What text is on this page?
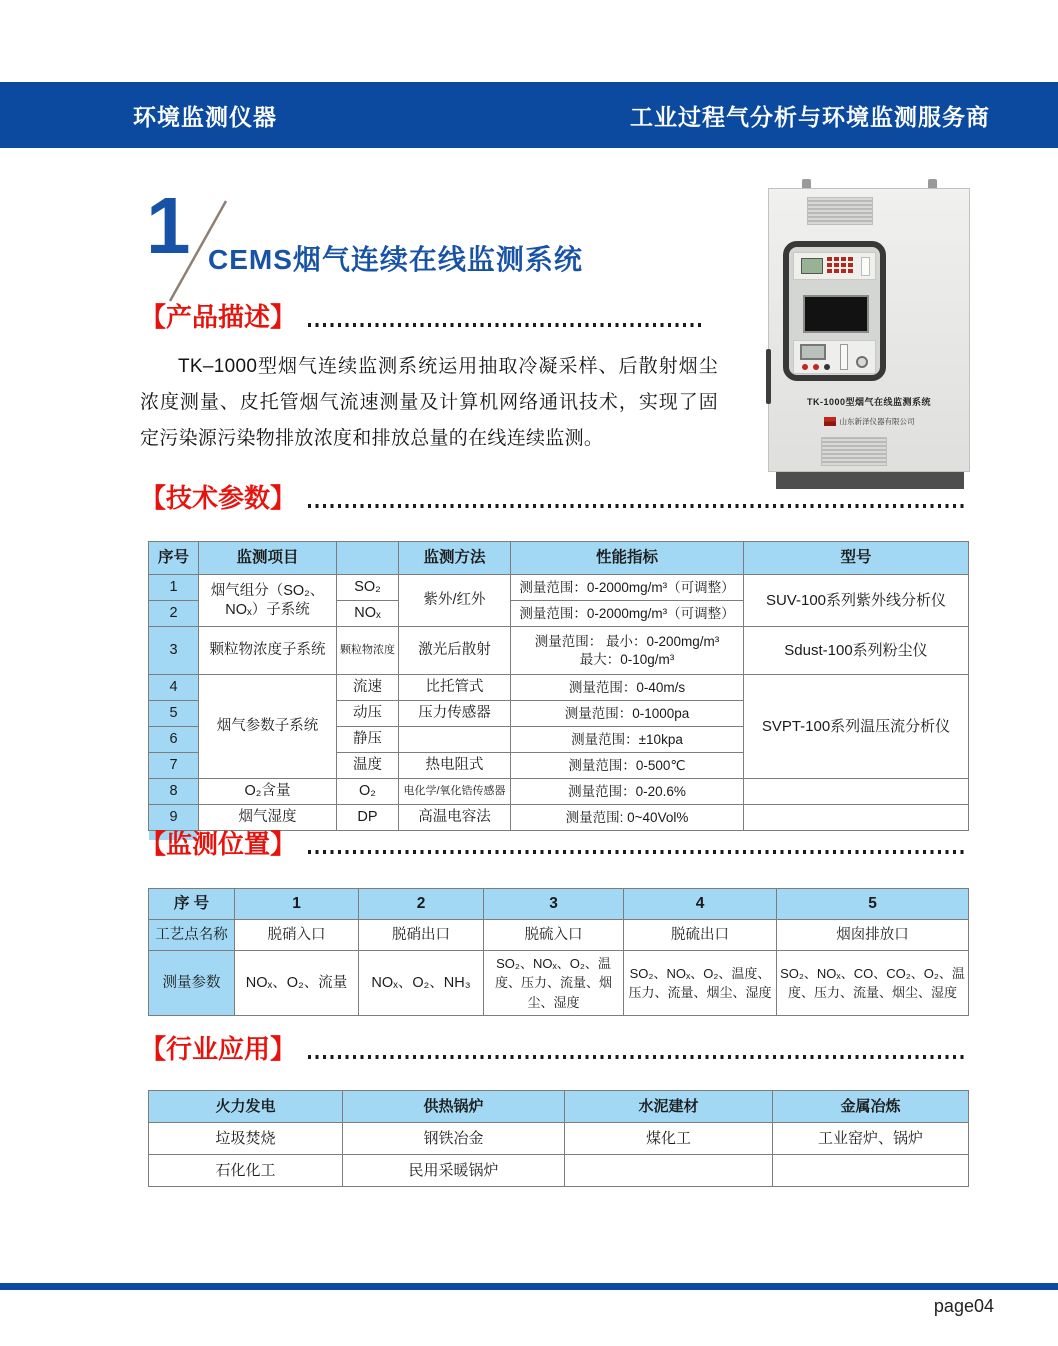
环境监测仪器	工业过程气分析与环境监测服务商
1 CEMS烟气连续在线监测系统
TK-1000型烟气在线监测系统
山东新泽仪器有限公司
【产品描述】
TK–1000型烟气连续监测系统运用抽取冷凝采样、后散射烟尘浓度测量、皮托管烟气流速测量及计算机网络通讯技术，实现了固定污染源污染物排放浓度和排放总量的在线连续监测。
【技术参数】
序号	监测项目		监测方法	性能指标	型号
1	烟气组分（SO₂、NOₓ）子系统	SO₂	紫外/红外	测量范围：0-2000mg/m³（可调整）	SUV-100系列紫外线分析仪
2		NOₓ		测量范围：0-2000mg/m³（可调整）	
3	颗粒物浓度子系统	颗粒物浓度	激光后散射	测量范围： 最小：0-200mg/m³
最大：0-10g/m³	Sdust-100系列粉尘仪
4	烟气参数子系统	流速	比托管式	测量范围：0-40m/s	SVPT-100系列温压流分析仪
5		动压	压力传感器	测量范围：0-1000pa	
6		静压		测量范围：±10kpa	
7		温度	热电阻式	测量范围：0-500℃	
8	O₂含量	O₂	电化学/氧化锆传感器	测量范围：0-20.6%	
9	烟气湿度	DP	高温电容法	测量范围: 0~40Vol%	
【监测位置】
序 号	1	2	3	4	5
工艺点名称	脱硝入口	脱硝出口	脱硫入口	脱硫出口	烟囱排放口
测量参数	NOₓ、O₂、流量	NOₓ、O₂、NH₃	SO₂、NOₓ、O₂、温度、压力、流量、烟尘、湿度	SO₂、NOₓ、O₂、温度、压力、流量、烟尘、湿度	SO₂、NOₓ、CO、CO₂、O₂、温度、压力、流量、烟尘、湿度
【行业应用】
火力发电	供热锅炉	水泥建材	金属冶炼
垃圾焚烧	钢铁冶金	煤化工	工业窑炉、锅炉
石化化工	民用采暖锅炉		
page04
